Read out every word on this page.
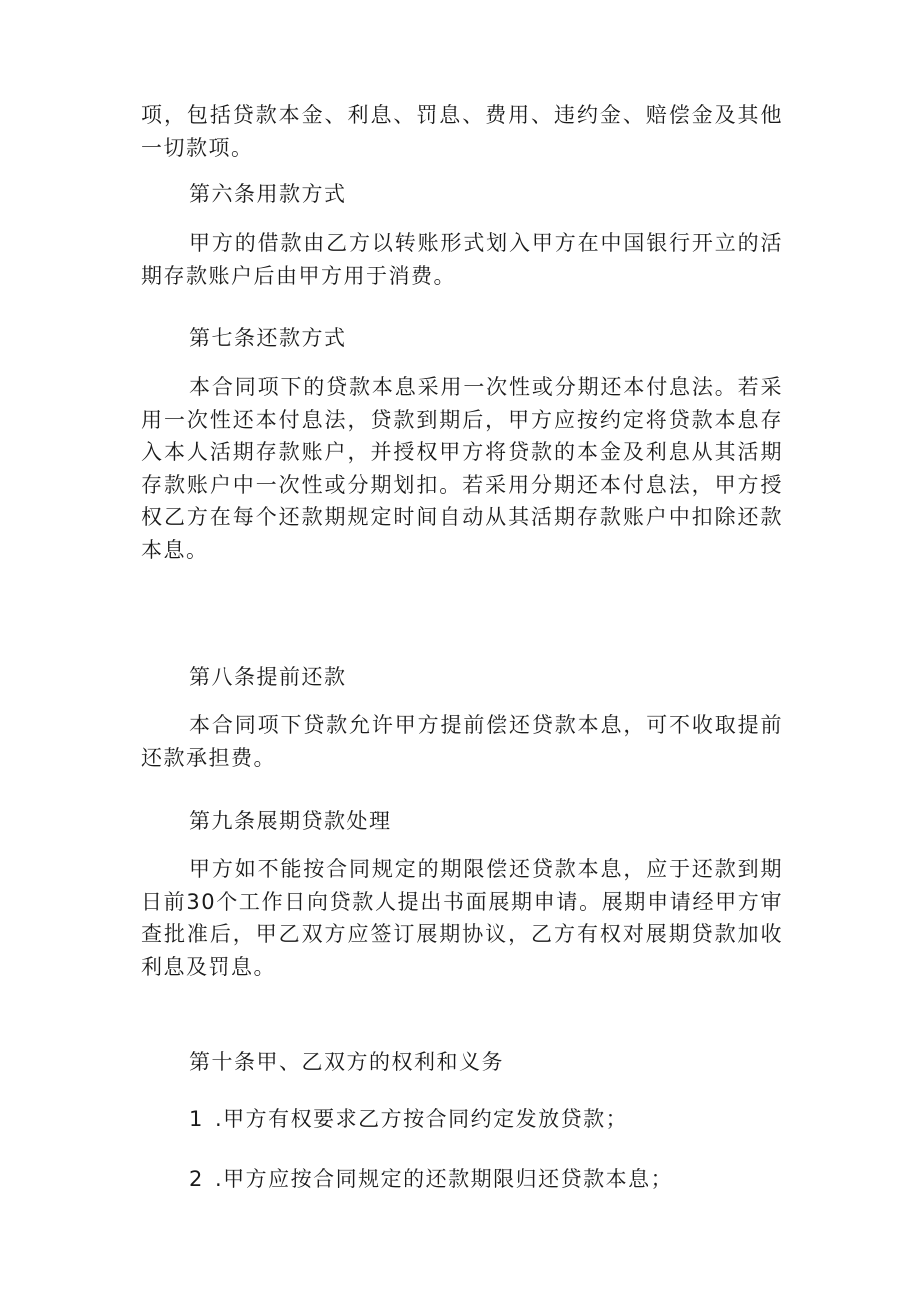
项，包括贷款本金、利息、罚息、费用、违约金、赔偿金及其他一切款项。

第六条用款方式

甲方的借款由乙方以转账形式划入甲方在中国银行开立的活期存款账户后由甲方用于消费。

第七条还款方式

本合同项下的贷款本息采用一次性或分期还本付息法。若采用一次性还本付息法，贷款到期后，甲方应按约定将贷款本息存入本人活期存款账户，并授权甲方将贷款的本金及利息从其活期存款账户中一次性或分期划扣。若采用分期还本付息法，甲方授权乙方在每个还款期规定时间自动从其活期存款账户中扣除还款本息。

第八条提前还款

本合同项下贷款允许甲方提前偿还贷款本息，可不收取提前还款承担费。

第九条展期贷款处理

甲方如不能按合同规定的期限偿还贷款本息，应于还款到期日前30个工作日向贷款人提出书面展期申请。展期申请经甲方审查批准后，甲乙双方应签订展期协议，乙方有权对展期贷款加收利息及罚息。

第十条甲、乙双方的权利和义务

1 .甲方有权要求乙方按合同约定发放贷款；

2 .甲方应按合同规定的还款期限归还贷款本息；
